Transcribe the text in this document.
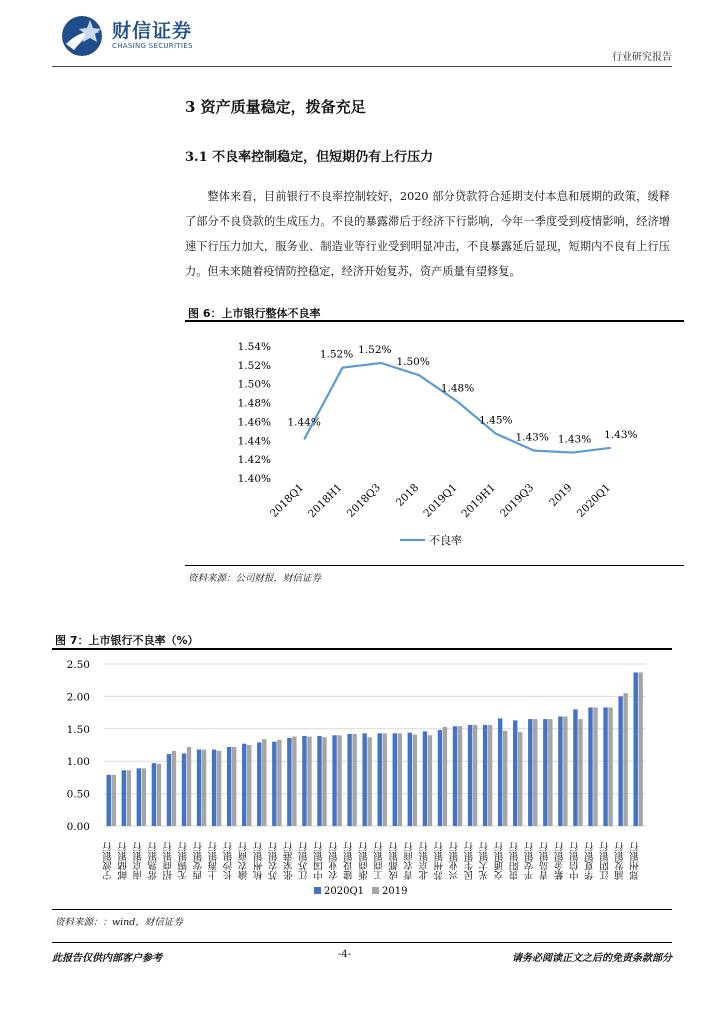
财信证券
CHASING SECURITIES
行业研究报告
3 资产质量稳定，拨备充足
3.1 不良率控制稳定，但短期仍有上行压力
整体来看，目前银行不良率控制较好，2020 部分贷款符合延期支付本息和展期的政策，缓释了部分不良贷款的生成压力。不良的暴露滞后于经济下行影响，今年一季度受到疫情影响，经济增速下行压力加大，服务业、制造业等行业受到明显冲击，不良暴露延后显现，短期内不良有上行压力。但未来随着疫情防控稳定，经济开始复苏，资产质量有望修复。
图 6：上市银行整体不良率
1.40%
1.42%
1.44%
1.46%
1.48%
1.50%
1.52%
1.54%
2018Q1 2018H1 2018Q3 2018 2019Q1 2019H1 2019Q3 2019 2020Q1
1.44%
1.52% 1.52%
1.50%
1.48%
1.45%
1.43% 1.43% 1.43%
不良率
资料来源：公司财报，财信证券
图 7：上市银行不良率（%）
0.00
0.50
1.00
1.50
2.00
2.50
宁波银行 邮储银行 南京银行 常熟银行 招商银行 无锡银行 西安银行 上海银行 长沙银行 渝农商行 杭州银行 苏农银行 张家港行 江苏银行 中国银行 农业银行 建设银行 浙商银行 工商银行 成都银行 青农商行 北京银行 苏州银行 兴业银行 民生银行 光大银行 交通银行 贵阳银行 平安银行 青岛银行 紫金银行 中信银行 华夏银行 江阴银行 浦发银行 郑州银行
2020Q1 2019
资料来源：：wind，财信证券
此报告仅供内部客户参考	-4-	请务必阅读正文之后的免责条款部分
